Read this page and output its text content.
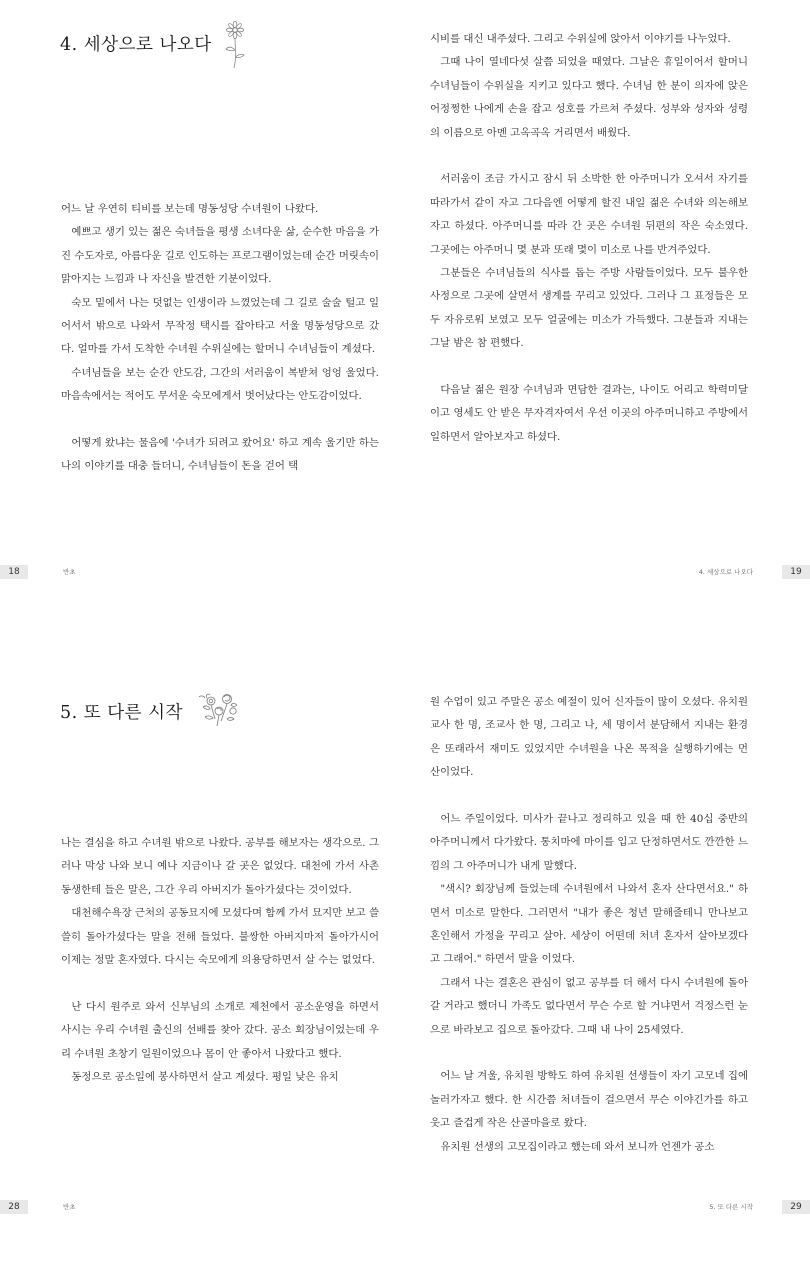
4. 세상으로 나오다

어느 날 우연히 티비를 보는데 명동성당 수녀원이 나왔다.

예쁘고 생기 있는 젊은 숙녀들을 평생 소녀다운 삶, 순수한 마음을 가진 수도자로, 아름다운 길로 인도하는 프로그램이었는데 순간 머릿속이 맑아지는 느낌과 나 자신을 발견한 기분이었다.

숙모 밑에서 나는 덧없는 인생이라 느꼈었는데 그 길로 술술 털고 일어서서 밖으로 나와서 무작정 택시를 잡아타고 서울 명동성당으로 갔다. 얼마를 가서 도착한 수녀원 수위실에는 할머니 수녀님들이 계셨다.

수녀님들을 보는 순간 안도감, 그간의 서러움이 복받쳐 엉엉 울었다. 마음속에서는 적어도 무서운 숙모에게서 벗어났다는 안도감이었다.

어떻게 왔냐는 물음에 '수녀가 되려고 왔어요' 하고 계속 울기만 하는 나의 이야기를 대충 들더니, 수녀님들이 돈을 걷어 택

18	반초

시비를 대신 내주셨다. 그리고 수위실에 앉아서 이야기를 나누었다.

그때 나이 열네다섯 살쯤 되었을 때였다. 그날은 휴일이어서 할머니 수녀님들이 수위실을 지키고 있다고 했다. 수녀님 한 분이 의자에 앉은 어정쩡한 나에게 손을 잡고 성호를 가르쳐 주셨다. 성부와 성자와 성령의 이름으로 아멘 고옥곡옥 거리면서 배웠다.

서러움이 조금 가시고 잠시 뒤 소박한 한 아주머니가 오셔서 자기를 따라가서 같이 자고 그다음엔 어떻게 할진 내일 젊은 수녀와 의논해보자고 하셨다. 아주머니를 따라 간 곳은 수녀원 뒤편의 작은 숙소였다. 그곳에는 아주머니 몇 분과 또래 몇이 미소로 나를 반겨주었다.

그분들은 수녀님들의 식사를 돕는 주방 사람들이었다. 모두 불우한 사정으로 그곳에 살면서 생계를 꾸리고 있었다. 그러나 그 표정들은 모두 자유로워 보였고 모두 얼굴에는 미소가 가득했다. 그분들과 지내는 그날 밤은 참 편했다.

다음날 젊은 원장 수녀님과 면담한 결과는, 나이도 어리고 학력미달이고 영세도 안 받은 무자격자여서 우선 이곳의 아주머니하고 주방에서 일하면서 알아보자고 하셨다.

4. 세상으로 나오다	19
5. 또 다른 시작

나는 결심을 하고 수녀원 밖으로 나왔다. 공부를 해보자는 생각으로. 그러나 막상 나와 보니 예나 지금이나 갈 곳은 없었다. 대천에 가서 사촌 동생한테 들은 말은, 그간 우리 아버지가 돌아가셨다는 것이었다.

대천해수욕장 근처의 공동묘지에 모셨다며 함께 가서 묘지만 보고 쓸쓸히 돌아가셨다는 말을 전해 들었다. 불쌍한 아버지마저 돌아가시어 이제는 정말 혼자였다. 다시는 숙모에게 의용당하면서 살 수는 없었다.

난 다시 원주로 와서 신부님의 소개로 제천에서 공소운영을 하면서 사시는 우리 수녀원 출신의 선배를 찾아 갔다. 공소 회장님이었는데 우리 수녀원 초창기 일원이었으나 몸이 안 좋아서 나왔다고 했다.

동정으로 공소일에 봉사하면서 살고 계셨다. 평일 낮은 유치

28	반초

원 수업이 있고 주말은 공소 예절이 있어 신자들이 많이 오셨다. 유치원 교사 한 명, 조교사 한 명, 그리고 나, 세 명이서 분담해서 지내는 환경은 또래라서 재미도 있었지만 수녀원을 나온 목적을 실행하기에는 먼 산이었다.

어느 주일이었다. 미사가 끝나고 정리하고 있을 때 한 40십 중반의 아주머니께서 다가왔다. 통치마에 마이를 입고 단정하면서도 깐깐한 느낌의 그 아주머니가 내게 말했다.

"색시? 회장님께 들었는데 수녀원에서 나와서 혼자 산다면서요." 하면서 미소로 말한다. 그러면서 "내가 좋은 청년 말해줄테니 만나보고 혼인해서 가정을 꾸리고 살아. 세상이 어떤데 처녀 혼자서 살아보겠다고 그래어." 하면서 말을 이었다.

그래서 나는 결혼은 관심이 없고 공부를 더 해서 다시 수녀원에 돌아갈 거라고 했더니 가족도 없다면서 무슨 수로 할 거냐면서 걱정스런 눈으로 바라보고 집으로 돌아갔다. 그때 내 나이 25세였다.

어느 날 겨울, 유치원 방학도 하여 유치원 선생들이 자기 고모네 집에 놀러가자고 했다. 한 시간쯤 처녀들이 걸으면서 무슨 이야긴가를 하고 웃고 즐겁게 작은 산골마을로 왔다.

유치원 선생의 고모집이라고 했는데 와서 보니까 언젠가 공소

5. 또 다른 시작	29
